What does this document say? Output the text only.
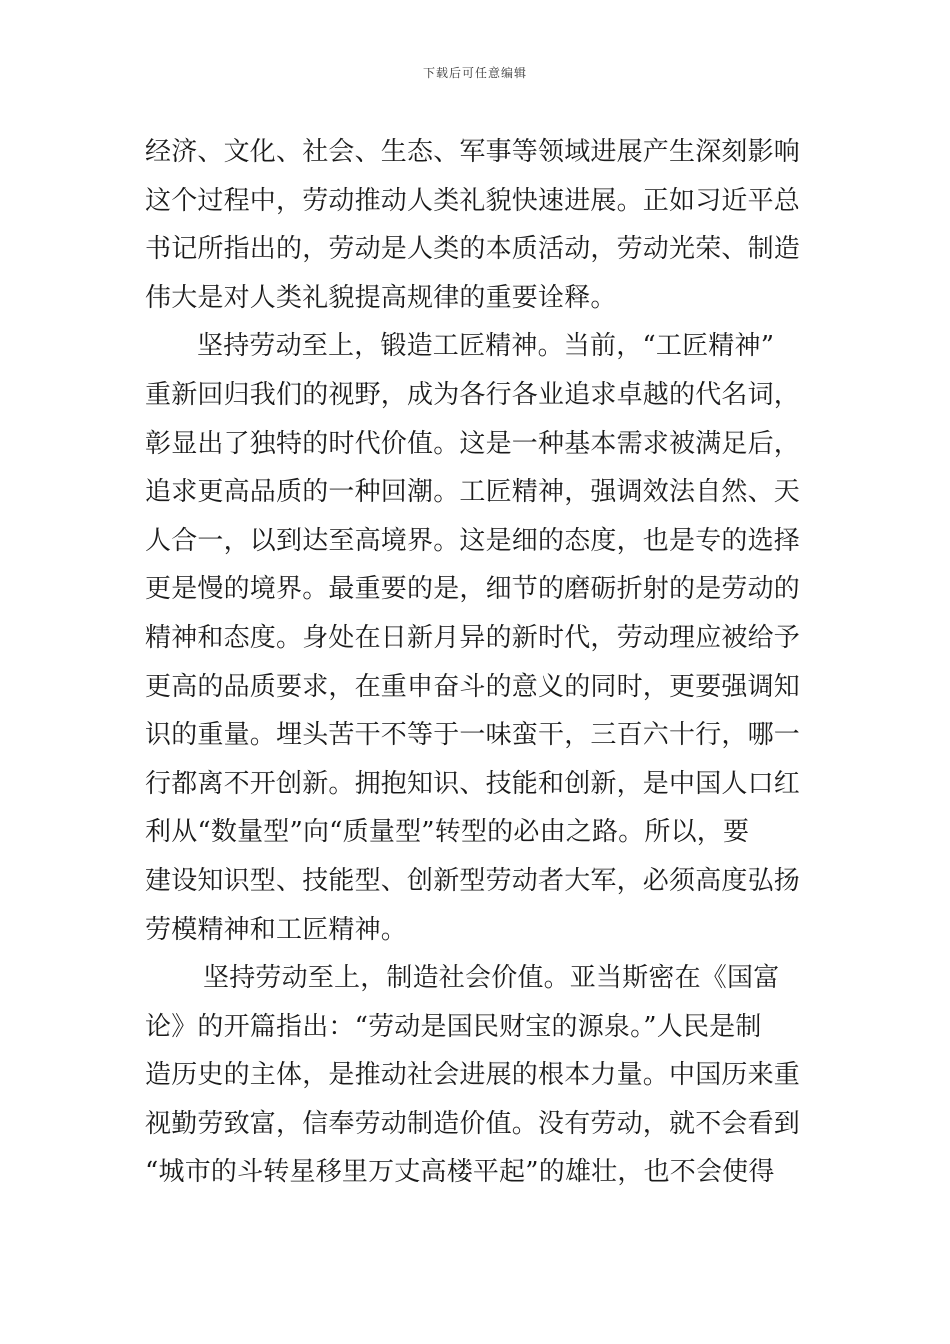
下载后可任意编辑
经济、文化、社会、生态、军事等领域进展产生深刻影响
这个过程中，劳动推动人类礼貌快速进展。正如习近平总
书记所指出的，劳动是人类的本质活动，劳动光荣、制造
伟大是对人类礼貌提高规律的重要诠释。
坚持劳动至上，锻造工匠精神。当前，“工匠精神”
重新回归我们的视野，成为各行各业追求卓越的代名词，
彰显出了独特的时代价值。这是一种基本需求被满足后，
追求更高品质的一种回潮。工匠精神，强调效法自然、天
人合一，以到达至高境界。这是细的态度，也是专的选择
更是慢的境界。最重要的是，细节的磨砺折射的是劳动的
精神和态度。身处在日新月异的新时代，劳动理应被给予
更高的品质要求，在重申奋斗的意义的同时，更要强调知
识的重量。埋头苦干不等于一味蛮干，三百六十行，哪一
行都离不开创新。拥抱知识、技能和创新，是中国人口红
利从“数量型”向“质量型”转型的必由之路。所以，要
建设知识型、技能型、创新型劳动者大军，必须高度弘扬
劳模精神和工匠精神。
坚持劳动至上，制造社会价值。亚当斯密在《国富
论》的开篇指出：“劳动是国民财宝的源泉。”人民是制
造历史的主体，是推动社会进展的根本力量。中国历来重
视勤劳致富，信奉劳动制造价值。没有劳动，就不会看到
“城市的斗转星移里万丈高楼平起”的雄壮，也不会使得
